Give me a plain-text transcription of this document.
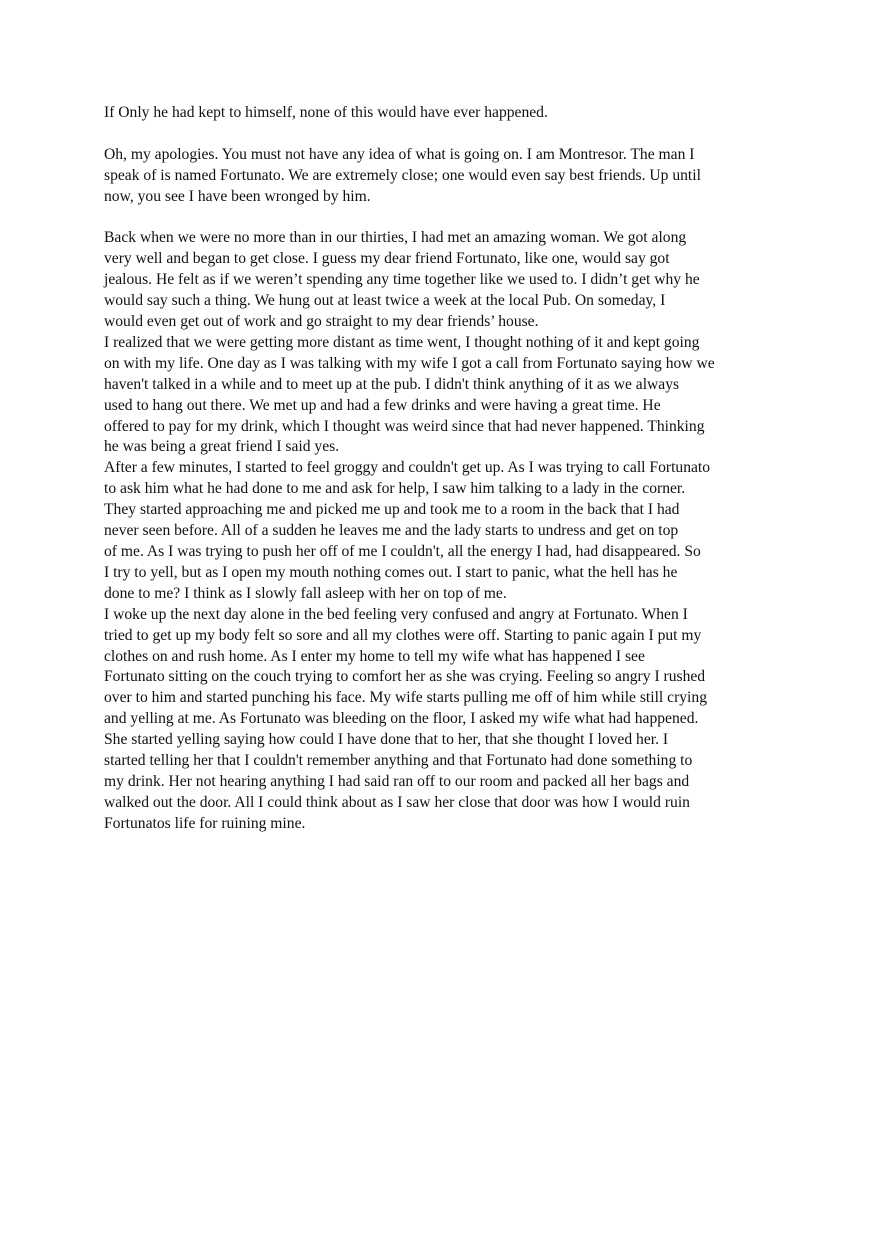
If Only he had kept to himself, none of this would have ever happened.
Oh, my apologies. You must not have any idea of what is going on. I am Montresor. The man I
speak of is named Fortunato. We are extremely close; one would even say best friends. Up until
now, you see I have been wronged by him.
Back when we were no more than in our thirties, I had met an amazing woman. We got along
very well and began to get close. I guess my dear friend Fortunato, like one, would say got
jealous. He felt as if we weren’t spending any time together like we used to. I didn’t get why he
would say such a thing. We hung out at least twice a week at the local Pub. On someday, I
would even get out of work and go straight to my dear friends’ house.
I realized that we were getting more distant as time went, I thought nothing of it and kept going
on with my life. One day as I was talking with my wife I got a call from Fortunato saying how we
haven't talked in a while and to meet up at the pub. I didn't think anything of it as we always
used to hang out there. We met up and had a few drinks and were having a great time. He
offered to pay for my drink, which I thought was weird since that had never happened. Thinking
he was being a great friend I said yes.
After a few minutes, I started to feel groggy and couldn't get up. As I was trying to call Fortunato
to ask him what he had done to me and ask for help, I saw him talking to a lady in the corner.
They started approaching me and picked me up and took me to a room in the back that I had
never seen before. All of a sudden he leaves me and the lady starts to undress and get on top
of me. As I was trying to push her off of me I couldn't, all the energy I had, had disappeared. So
I try to yell, but as I open my mouth nothing comes out. I start to panic, what the hell has he
done to me? I think as I slowly fall asleep with her on top of me.
I woke up the next day alone in the bed feeling very confused and angry at Fortunato. When I
tried to get up my body felt so sore and all my clothes were off. Starting to panic again I put my
clothes on and rush home. As I enter my home to tell my wife what has happened I see
Fortunato sitting on the couch trying to comfort her as she was crying. Feeling so angry I rushed
over to him and started punching his face. My wife starts pulling me off of him while still crying
and yelling at me. As Fortunato was bleeding on the floor, I asked my wife what had happened.
She started yelling saying how could I have done that to her, that she thought I loved her. I
started telling her that I couldn't remember anything and that Fortunato had done something to
my drink. Her not hearing anything I had said ran off to our room and packed all her bags and
walked out the door. All I could think about as I saw her close that door was how I would ruin
Fortunatos life for ruining mine.
